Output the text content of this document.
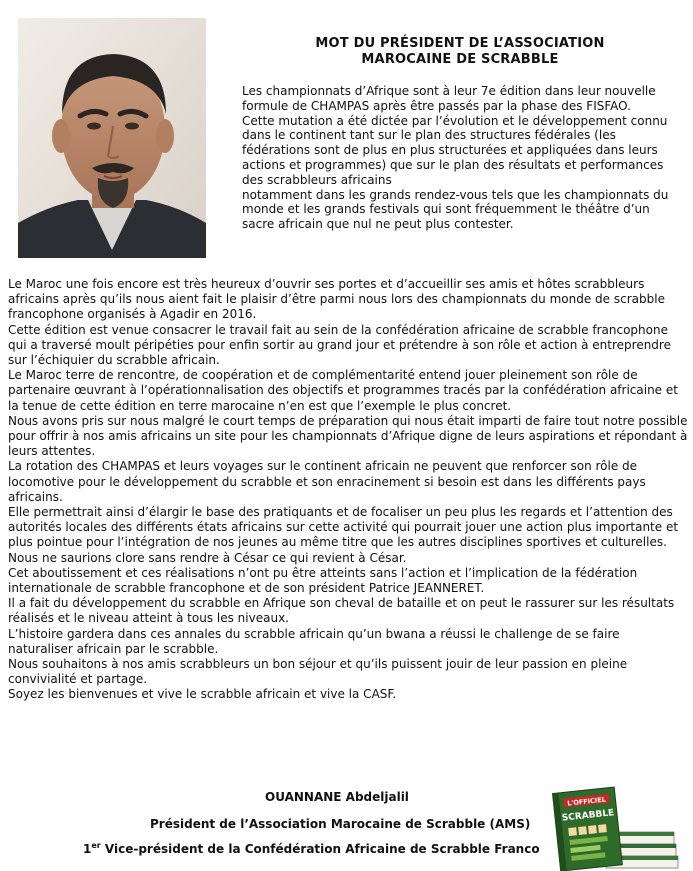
MOT DU PRÉSIDENT DE L’ASSOCIATION
MAROCAINE DE SCRABBLE

Les championnats d’Afrique sont à leur 7e édition dans leur nouvelle formule de CHAMPAS après être passés par la phase des FISFAO.

Cette mutation a été dictée par l’évolution et le développement connu dans le continent tant sur le plan des structures fédérales (les fédérations sont de plus en plus structurées et appliquées dans leurs actions et programmes) que sur le plan des résultats et performances des scrabbleurs africains

notamment dans les grands rendez-vous tels que les championnats du monde et les grands festivals qui sont fréquemment le théâtre d’un sacre africain que nul ne peut plus contester.

Le Maroc une fois encore est très heureux d’ouvrir ses portes et d’accueillir ses amis et hôtes scrabbleurs africains après qu’ils nous aient fait le plaisir d’être parmi nous lors des championnats du monde de scrabble francophone organisés à Agadir en 2016.

Cette édition est venue consacrer le travail fait au sein de la confédération africaine de scrabble francophone qui a traversé moult péripéties pour enfin sortir au grand jour et prétendre à son rôle et action à entreprendre sur l’échiquier du scrabble africain.

Le Maroc terre de rencontre, de coopération et de complémentarité entend jouer pleinement son rôle de partenaire œuvrant à l’opérationnalisation des objectifs et programmes tracés par la confédération africaine et la tenue de cette édition en terre marocaine n’en est que l’exemple le plus concret.

Nous avons pris sur nous malgré le court temps de préparation qui nous était imparti de faire tout notre possible pour offrir à nos amis africains un site pour les championnats d’Afrique digne de leurs aspirations et répondant à leurs attentes.

La rotation des CHAMPAS et leurs voyages sur le continent africain ne peuvent que renforcer son rôle de locomotive pour le développement du scrabble et son enracinement si besoin est dans les différents pays africains.

Elle permettrait ainsi d’élargir le base des pratiquants et de focaliser un peu plus les regards et l’attention des autorités locales des différents états africains sur cette activité qui pourrait jouer une action plus importante et plus pointue pour l’intégration de nos jeunes au même titre que les autres disciplines sportives et culturelles.

Nous ne saurions clore sans rendre à César ce qui revient à César.

Cet aboutissement et ces réalisations n’ont pu être atteints sans l’action et l’implication de la fédération internationale de scrabble francophone et de son président Patrice JEANNERET.

Il a fait du développement du scrabble en Afrique son cheval de bataille et on peut le rassurer sur les résultats réalisés et le niveau atteint à tous les niveaux.

L’histoire gardera dans ces annales du scrabble africain qu’un bwana a réussi le challenge de se faire naturaliser africain par le scrabble.

Nous souhaitons à nos amis scrabbleurs un bon séjour et qu’ils puissent jouir de leur passion en pleine convivialité et partage.

Soyez les bienvenues et vive le scrabble africain et vive la CASF.

OUANNANE Abdeljalil
Président de l’Association Marocaine de Scrabble (AMS)
1er Vice-président de la Confédération Africaine de Scrabble Franco
L'OFFICIEL
SCRABBLE
